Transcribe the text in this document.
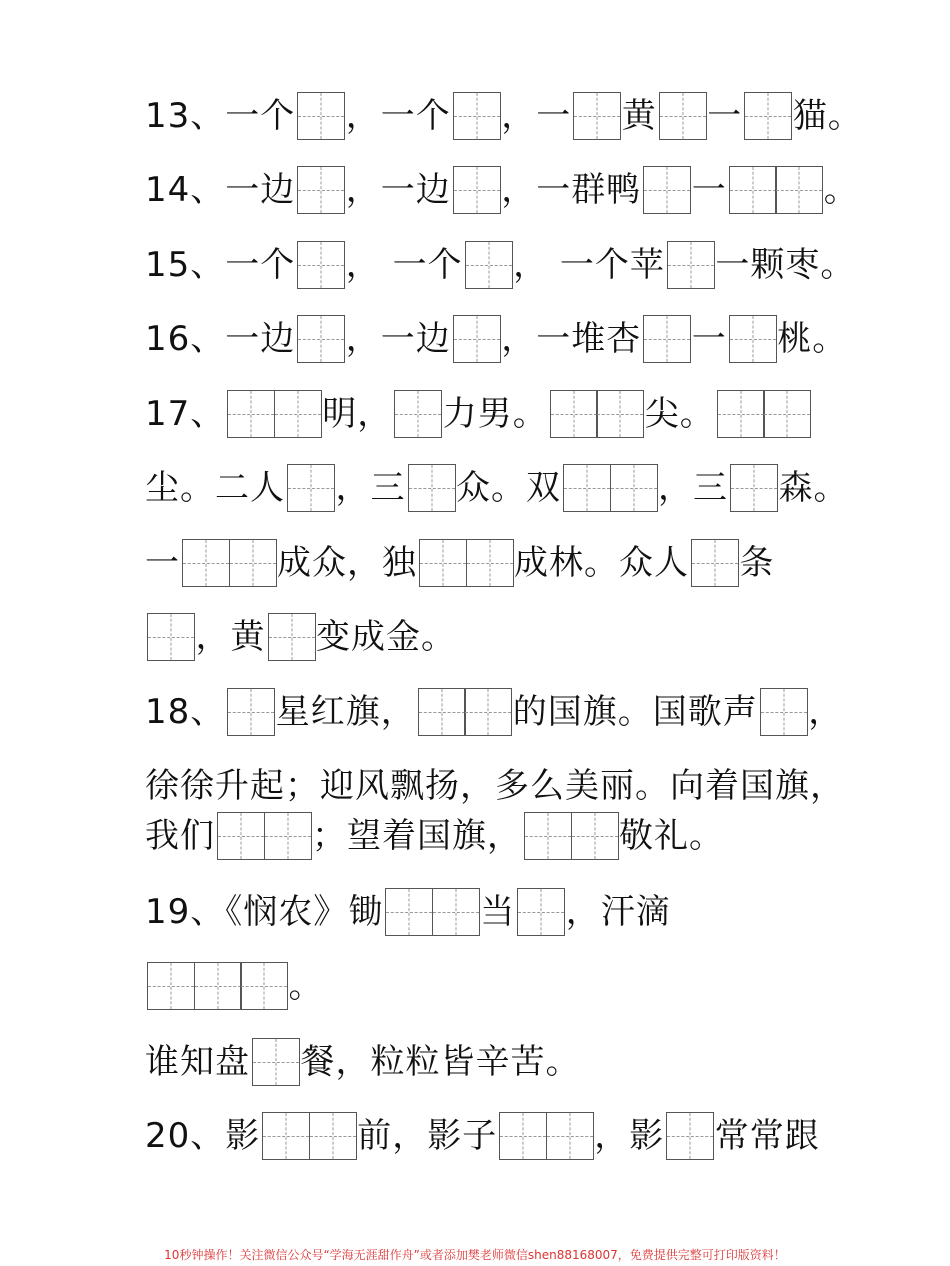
13、一个 ，一个 ，一 黄 一 猫。
14、一边 ，一边 ，一群鸭 一	。
15、一个 ， 一个 ， 一个苹 一颗枣。
16、一边 ，一边 ，一堆杏 一 桃。
17、	明， 力男。	尖。
尘。二人 ，三 众。双	，三 森。
一	成众，独	成林。众人 条
，黄 变成金。
18、 星红旗，	的国旗。国歌声 ，
徐徐升起；迎风飘扬，多么美丽。向着国旗，
我们	；望着国旗，	敬礼。
19、《悯农》锄	当 ，汗滴
。
谁知盘 餐，粒粒皆辛苦。
20、影	前，影子	，影 常常跟
10秒钟操作！关注微信公众号“学海无涯甜作舟”或者添加樊老师微信shen88168007，免费提供完整可打印版资料！
